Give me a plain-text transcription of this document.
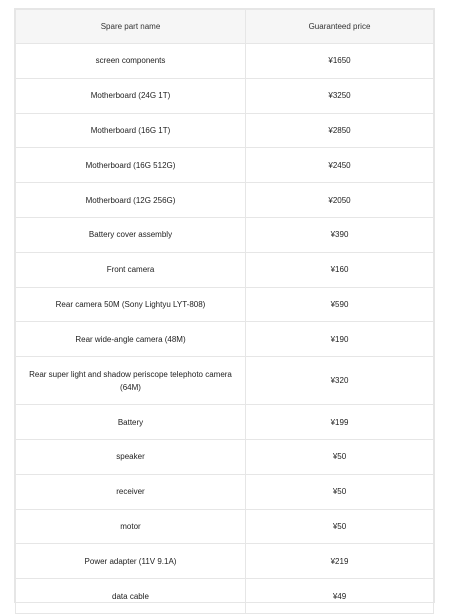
Spare part name	Guaranteed price
screen components	¥1650
Motherboard (24G 1T)	¥3250
Motherboard (16G 1T)	¥2850
Motherboard (16G 512G)	¥2450
Motherboard (12G 256G)	¥2050
Battery cover assembly	¥390
Front camera	¥160
Rear camera 50M (Sony Lightyu LYT-808)	¥590
Rear wide-angle camera (48M)	¥190
Rear super light and shadow periscope telephoto camera (64M)	¥320
Battery	¥199
speaker	¥50
receiver	¥50
motor	¥50
Power adapter (11V 9.1A)	¥219
data cable	¥49
